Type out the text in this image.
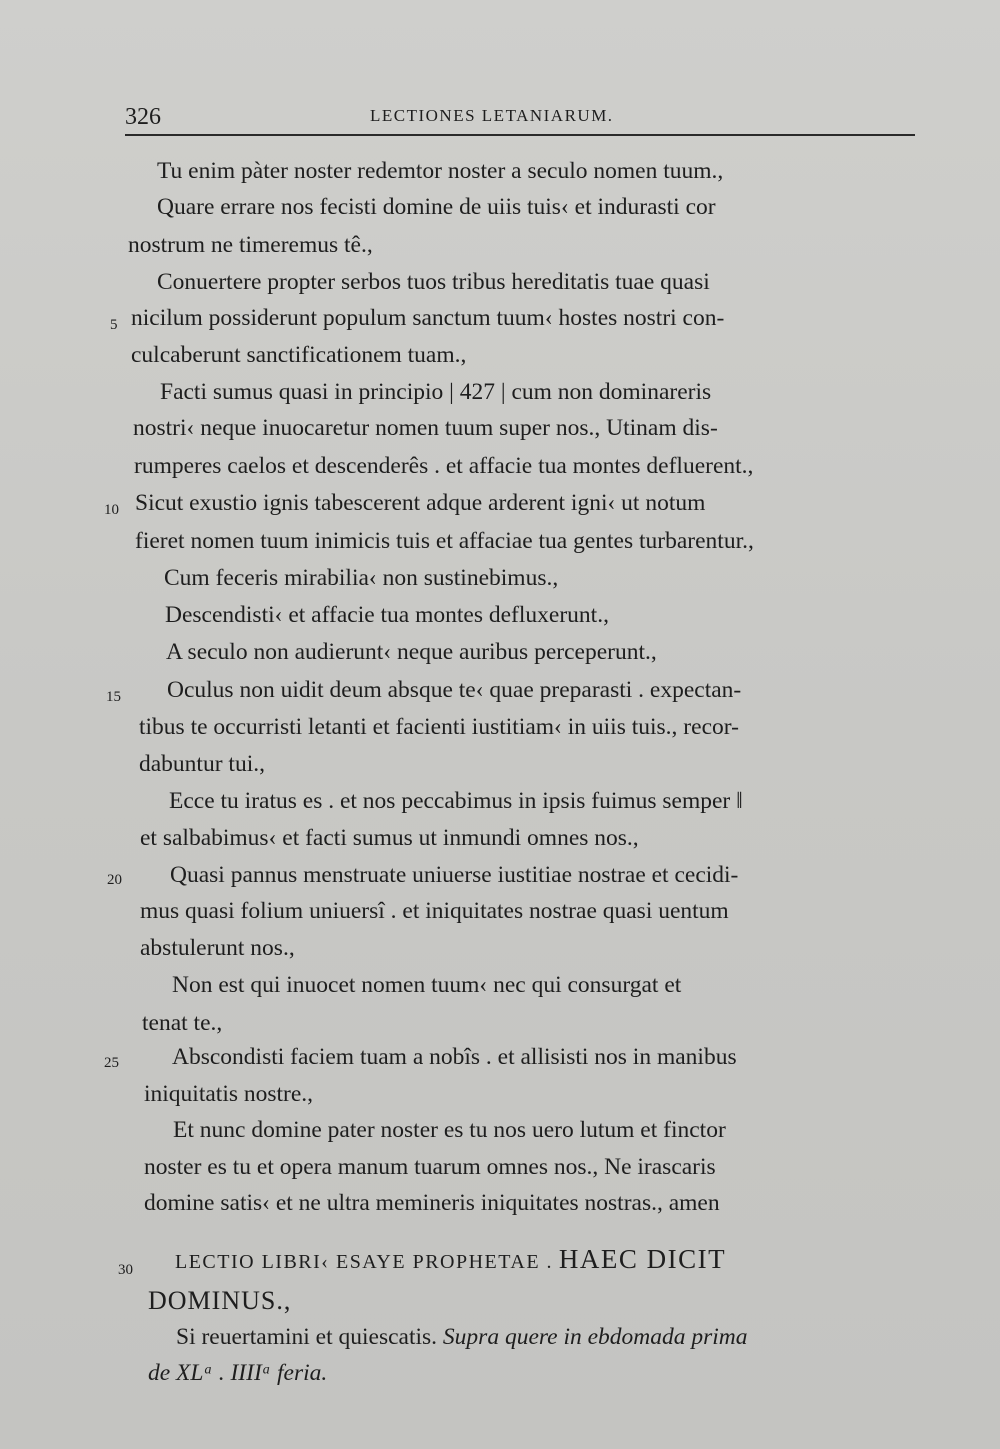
326	LECTIONES LETANIARUM.
Tu enim pàter noster redemtor noster a seculo nomen tuum.,
Quare errare nos fecisti domine de uiis tuis‹ et indurasti cor
nostrum ne timeremus tê.,
Conuertere propter serbos tuos tribus hereditatis tuae quasi
nicilum possiderunt populum sanctum tuum‹ hostes nostri con-
culcaberunt sanctificationem tuam.,
Facti sumus quasi in principio | 427 | cum non dominareris
nostri‹ neque inuocaretur nomen tuum super nos., Utinam dis-
rumperes caelos et descenderês . et affacie tua montes defluerent.,
Sicut exustio ignis tabescerent adque arderent igni‹ ut notum
fieret nomen tuum inimicis tuis et affaciae tua gentes turbarentur.,
Cum feceris mirabilia‹ non sustinebimus.,
Descendisti‹ et affacie tua montes defluxerunt.,
A seculo non audierunt‹ neque auribus perceperunt.,
Oculus non uidit deum absque te‹ quae preparasti . expectan-
tibus te occurristi letanti et facienti iustitiam‹ in uiis tuis., recor-
dabuntur tui.,
Ecce tu iratus es . et nos peccabimus in ipsis fuimus semper ‖
et salbabimus‹ et facti sumus ut inmundi omnes nos.,
Quasi pannus menstruate uniuerse iustitiae nostrae et cecidi-
mus quasi folium uniuersî . et iniquitates nostrae quasi uentum
abstulerunt nos.,
Non est qui inuocet nomen tuum‹ nec qui consurgat et
tenat te.,
Abscondisti faciem tuam a nobîs . et allisisti nos in manibus
iniquitatis nostre.,
Et nunc domine pater noster es tu nos uero lutum et finctor
noster es tu et opera manum tuarum omnes nos., Ne irascaris
domine satis‹ et ne ultra memineris iniquitates nostras., amen
LECTIO LIBRI‹ ESAYE PROPHETAE . HAEC DICIT
DOMINUS.,
Si reuertamini et quiescatis. Supra quere in ebdomada prima
de XLᵃ . IIIIᵃ feria.
5
10
15
20
25
30
